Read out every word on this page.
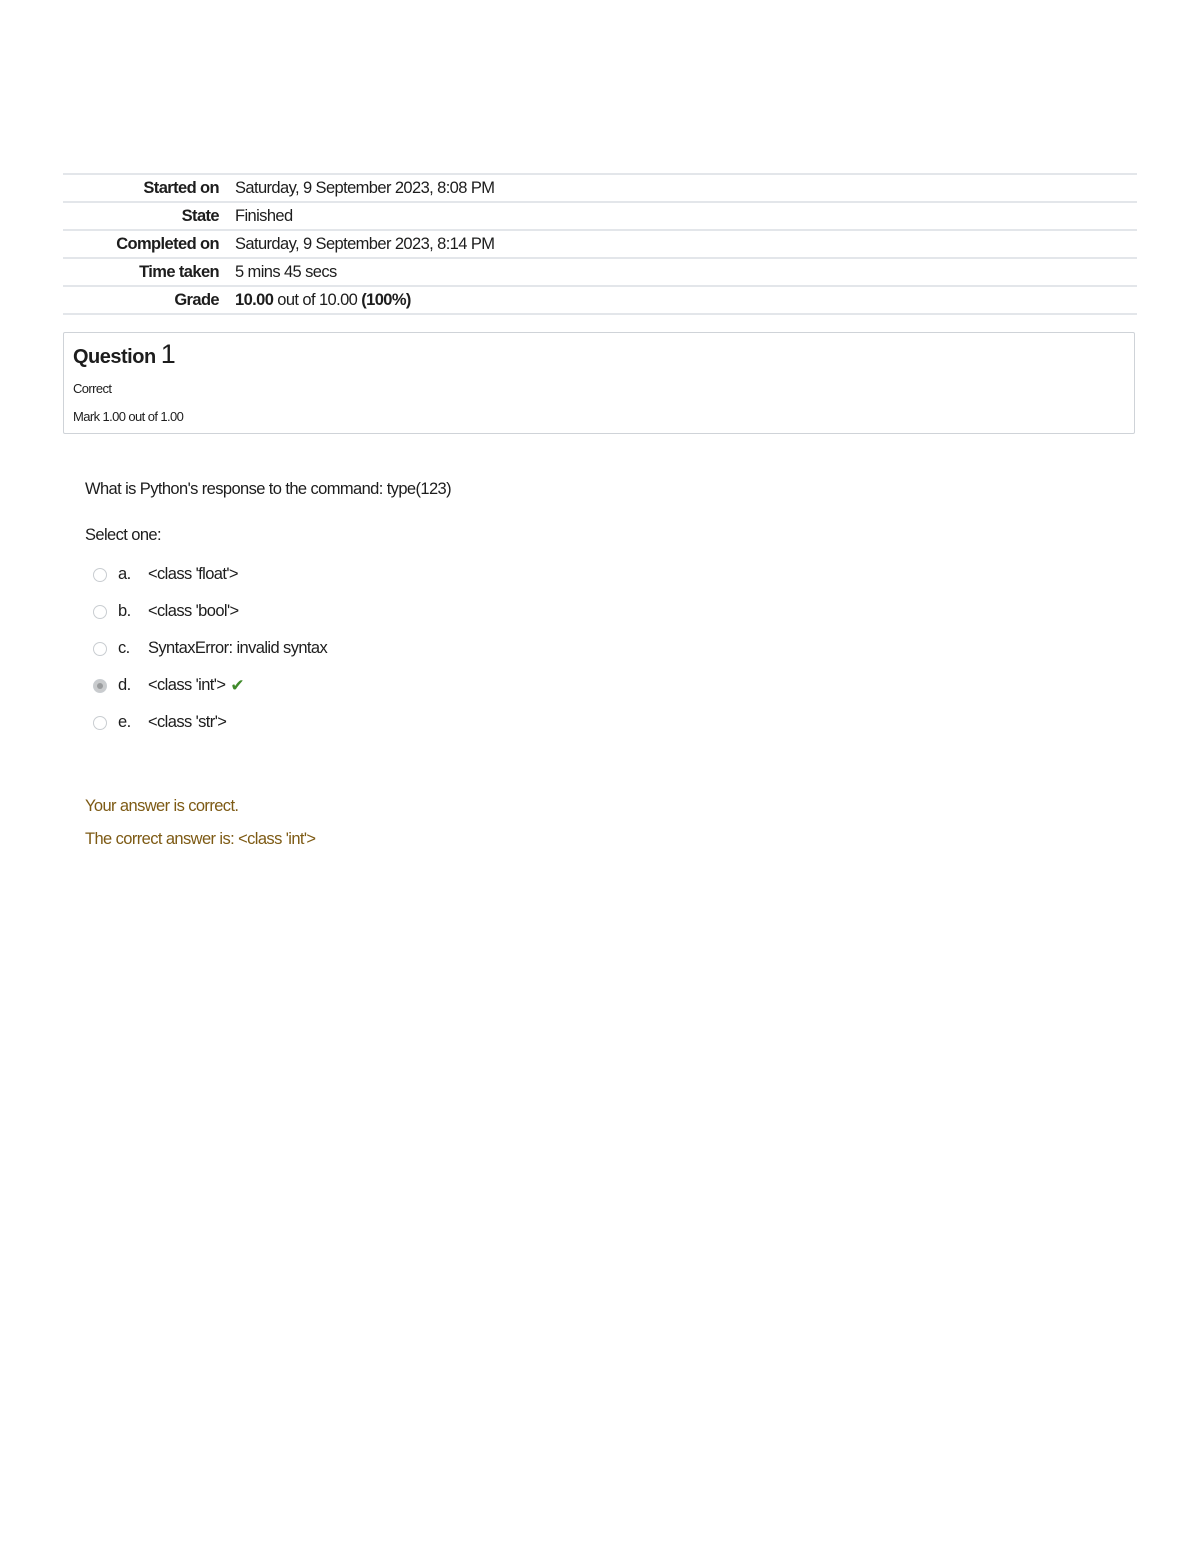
Started on	Saturday, 9 September 2023, 8:08 PM
State	Finished
Completed on	Saturday, 9 September 2023, 8:14 PM
Time taken	5 mins 45 secs
Grade	10.00 out of 10.00 (100%)
Question 1
Correct
Mark 1.00 out of 1.00
What is Python's response to the command: type(123)
Select one:
a.	<class 'float'>
b.	<class 'bool'>
c.	SyntaxError: invalid syntax
d.	<class 'int'> ✔
e.	<class 'str'>
Your answer is correct.
The correct answer is: <class 'int'>
